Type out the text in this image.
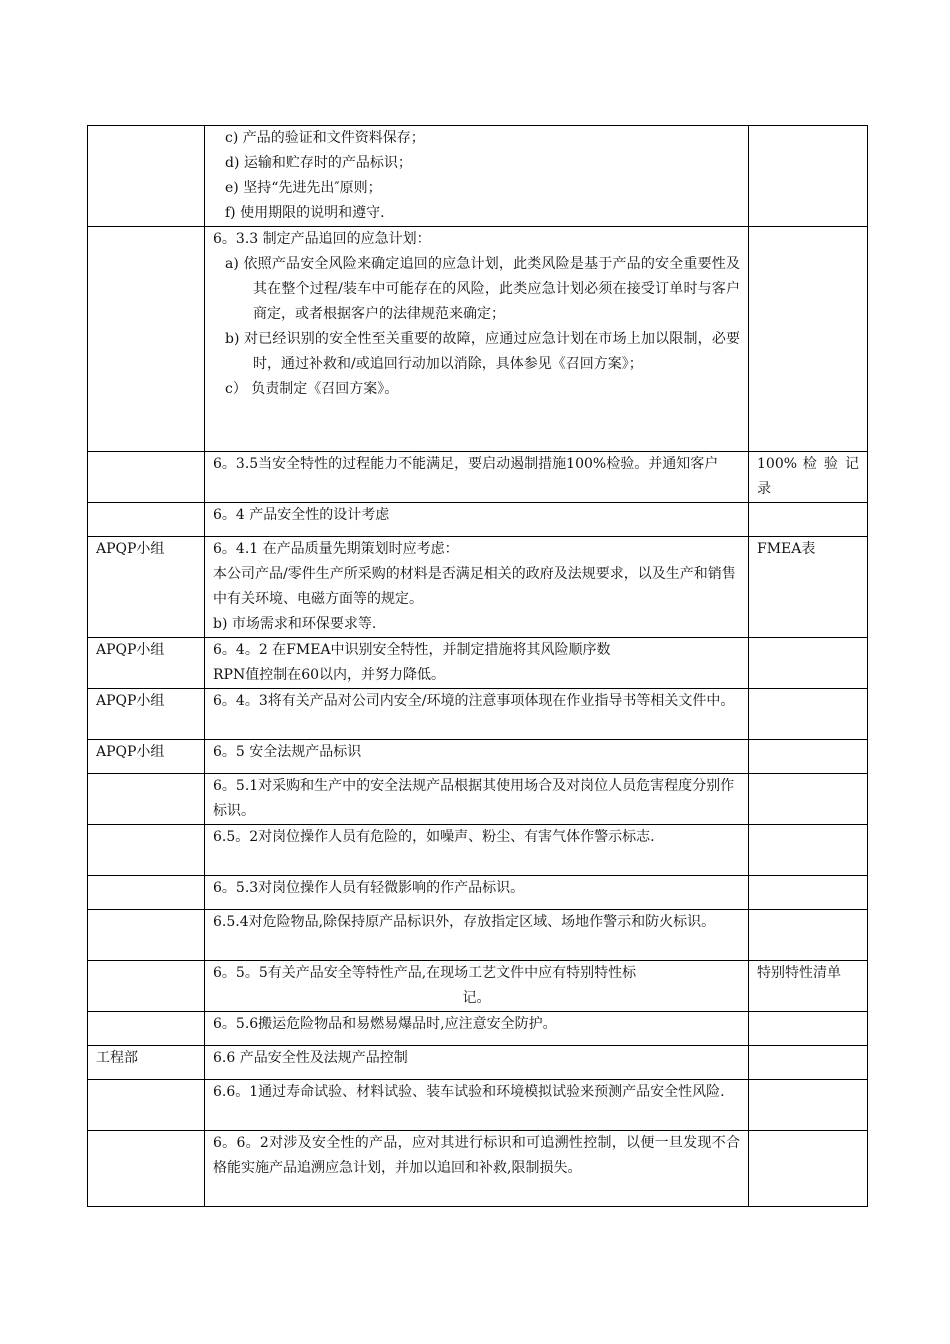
	c) 产品的验证和文件资料保存；
d) 运输和贮存时的产品标识；
e) 坚持“先进先出″原则；
f) 使用期限的说明和遵守.	

	6。3.3 制定产品追回的应急计划：
a) 依照产品安全风险来确定追回的应急计划，此类风险是基于产品的安全重要性及其在整个过程/装车中可能存在的风险，此类应急计划必须在接受订单时与客户商定，或者根据客户的法律规范来确定；
b) 对已经识别的安全性至关重要的故障，应通过应急计划在市场上加以限制，必要时，通过补救和/或追回行动加以消除，具体参见《召回方案》；
c） 负责制定《召回方案》。	

	6。3.5当安全特性的过程能力不能满足，要启动遏制措施100%检验。并通知客户	100% 检 验 记录
	6。4 产品安全性的设计考虑	
APQP小组	6。4.1 在产品质量先期策划时应考虑：
本公司产品/零件生产所采购的材料是否满足相关的政府及法规要求，以及生产和销售中有关环境、电磁方面等的规定。
b) 市场需求和环保要求等.	FMEA表
APQP小组	6。4。2 在FMEA中识别安全特性，并制定措施将其风险顺序数
RPN值控制在60以内，并努力降低。	

APQP小组	6。4。3将有关产品对公司内安全/环境的注意事项体现在作业指导书等相关文件中。	
APQP小组	6。5 安全法规产品标识	
	6。5.1对采购和生产中的安全法规产品根据其使用场合及对岗位人员危害程度分别作标识。	
	6.5。2对岗位操作人员有危险的，如噪声、粉尘、有害气体作警示标志.	
	6。5.3对岗位操作人员有轻微影响的作产品标识。	
	6.5.4对危险物品,除保持原产品标识外，存放指定区域、场地作警示和防火标识。	

	6。5。5有关产品安全等特性产品,在现场工艺文件中应有特别特性标
记。	特别特性清单
	6。5.6搬运危险物品和易燃易爆品时,应注意安全防护。	
工程部	6.6 产品安全性及法规产品控制	
	6.6。1通过寿命试验、材料试验、装车试验和环境模拟试验来预测产品安全性风险.	
	6。6。2对涉及安全性的产品，应对其进行标识和可追溯性控制，以便一旦发现不合格能实施产品追溯应急计划，并加以追回和补救,限制损失。	
